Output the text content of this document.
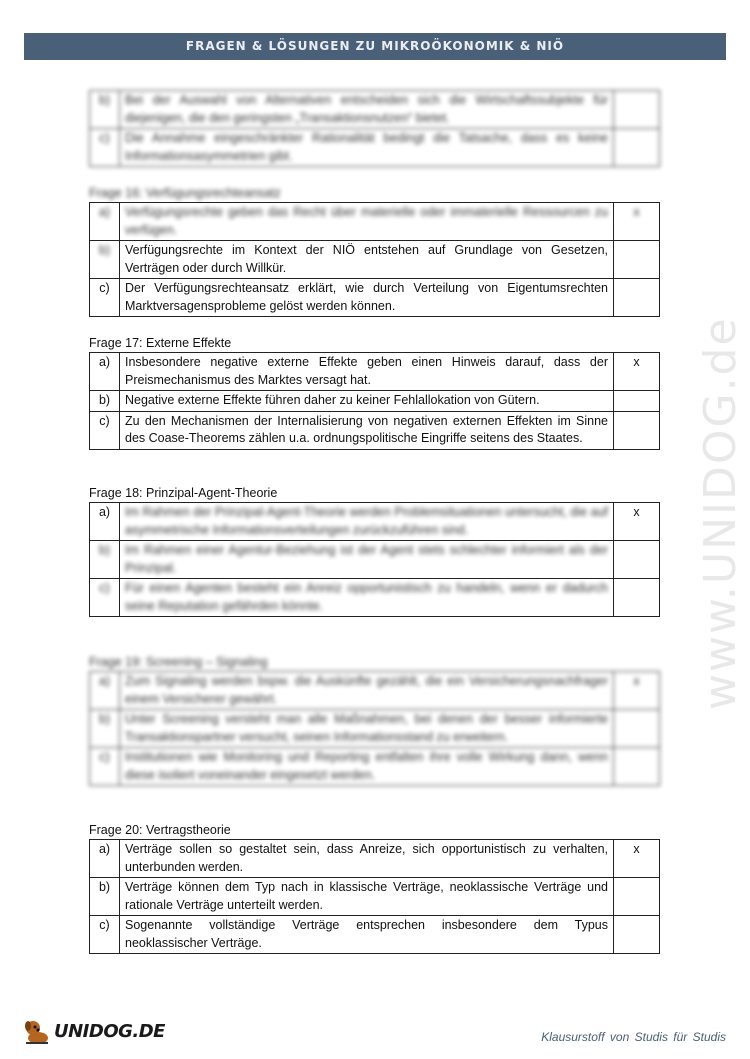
FRAGEN & LÖSUNGEN ZU MIKROÖKONOMIK & NIÖ
www.UNIDOG.de
b)	Bei der Auswahl von Alternativen entscheiden sich die Wirtschaftssubjekte für diejenigen, die den geringsten „Transaktionsnutzen“ bietet.	
c)	Die Annahme eingeschränkter Rationalität bedingt die Tatsache, dass es keine Informationsasymmetrien gibt.	
Frage 16: Verfügungsrechteansatz
a)	Verfügungsrechte geben das Recht über materielle oder immaterielle Ressourcen zu verfügen.	x
b)	Verfügungsrechte im Kontext der NIÖ entstehen auf Grundlage von Gesetzen, Verträgen oder durch Willkür.	
c)	Der Verfügungsrechteansatz erklärt, wie durch Verteilung von Eigentumsrechten Marktversagensprobleme gelöst werden können.	
Frage 17: Externe Effekte
a)	Insbesondere negative externe Effekte geben einen Hinweis darauf, dass der Preismechanismus des Marktes versagt hat.	x
b)	Negative externe Effekte führen daher zu keiner Fehlallokation von Gütern.	
c)	Zu den Mechanismen der Internalisierung von negativen externen Effekten im Sinne des Coase-Theorems zählen u.a. ordnungspolitische Eingriffe seitens des Staates.	
Frage 18: Prinzipal-Agent-Theorie
a)	Im Rahmen der Prinzipal-Agent-Theorie werden Problemsituationen untersucht, die auf asymmetrische Informationsverteilungen zurückzuführen sind.	x
b)	Im Rahmen einer Agentur-Beziehung ist der Agent stets schlechter informiert als der Prinzipal.	
c)	Für einen Agenten besteht ein Anreiz opportunistisch zu handeln, wenn er dadurch seine Reputation gefährden könnte.	
Frage 19: Screening – Signaling
a)	Zum Signaling werden bspw. die Auskünfte gezählt, die ein Versicherungsnachfrager einem Versicherer gewährt.	x
b)	Unter Screening versteht man alle Maßnahmen, bei denen der besser informierte Transaktionspartner versucht, seinen Informationsstand zu erweitern.	
c)	Institutionen wie Monitoring und Reporting entfalten ihre volle Wirkung dann, wenn diese isoliert voneinander eingesetzt werden.	
Frage 20: Vertragstheorie
a)	Verträge sollen so gestaltet sein, dass Anreize, sich opportunistisch zu verhalten, unterbunden werden.	x
b)	Verträge können dem Typ nach in klassische Verträge, neoklassische Verträge und rationale Verträge unterteilt werden.	
c)	Sogenannte vollständige Verträge entsprechen insbesondere dem Typus neoklassischer Verträge.	
UNIDOG.DE	Klausurstoff von Studis für Studis
